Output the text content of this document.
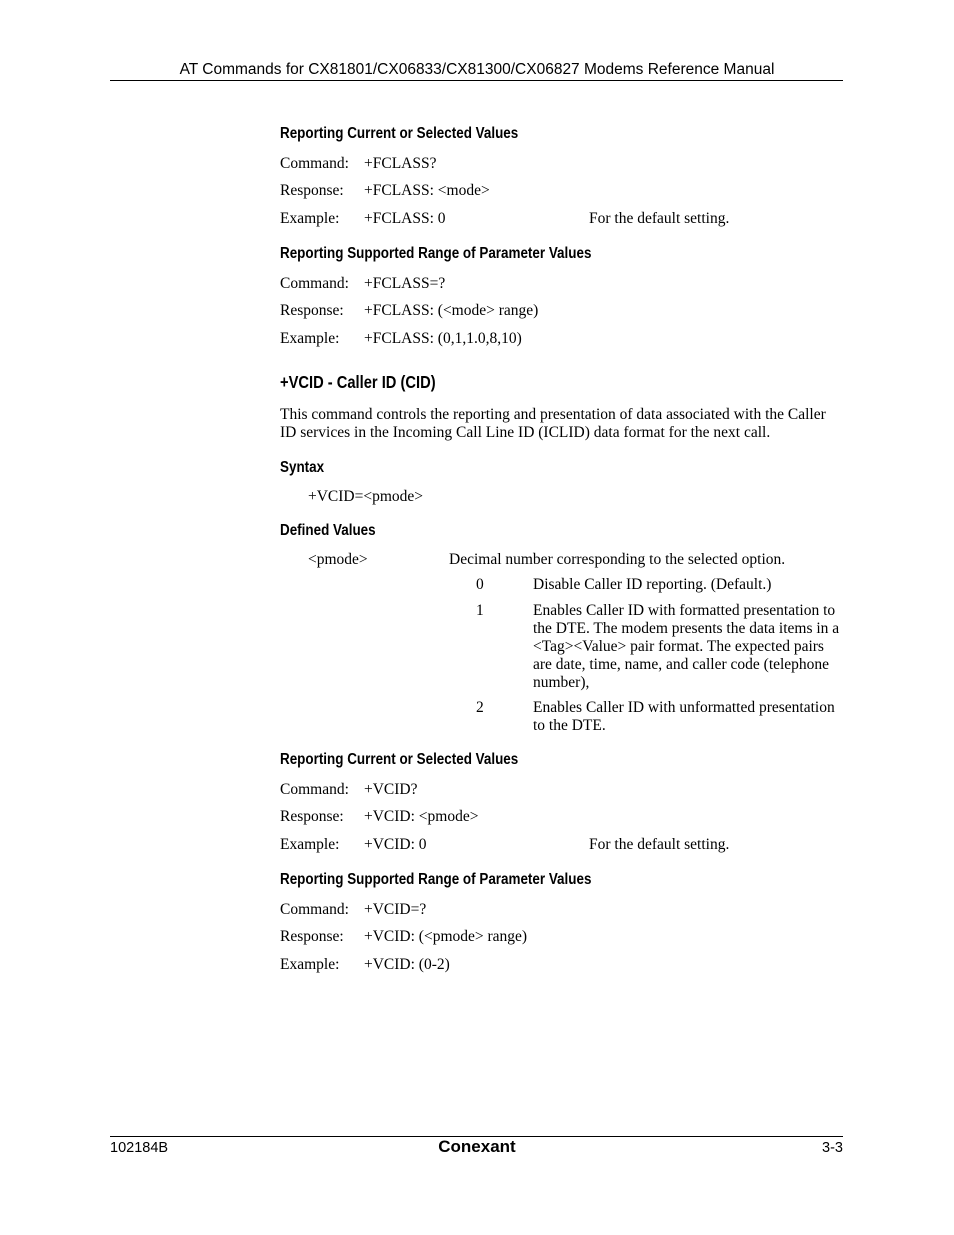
AT Commands for CX81801/CX06833/CX81300/CX06827 Modems Reference Manual
Reporting Current or Selected Values
Command: +FCLASS?
Response: +FCLASS: <mode>
Example: +FCLASS: 0	For the default setting.
Reporting Supported Range of Parameter Values
Command: +FCLASS=?
Response: +FCLASS: (<mode> range)
Example: +FCLASS: (0,1,1.0,8,10)
+VCID - Caller ID (CID)
This command controls the reporting and presentation of data associated with the Caller ID services in the Incoming Call Line ID (ICLID) data format for the next call.
Syntax
+VCID=<pmode>
Defined Values
<pmode>	Decimal number corresponding to the selected option.
0	Disable Caller ID reporting. (Default.)
1	Enables Caller ID with formatted presentation to the DTE. The modem presents the data items in a <Tag><Value> pair format. The expected pairs are date, time, name, and caller code (telephone number),
2	Enables Caller ID with unformatted presentation to the DTE.
Reporting Current or Selected Values
Command: +VCID?
Response: +VCID: <pmode>
Example: +VCID: 0	For the default setting.
Reporting Supported Range of Parameter Values
Command: +VCID=?
Response: +VCID: (<pmode> range)
Example: +VCID: (0-2)
102184B	Conexant	3-3
